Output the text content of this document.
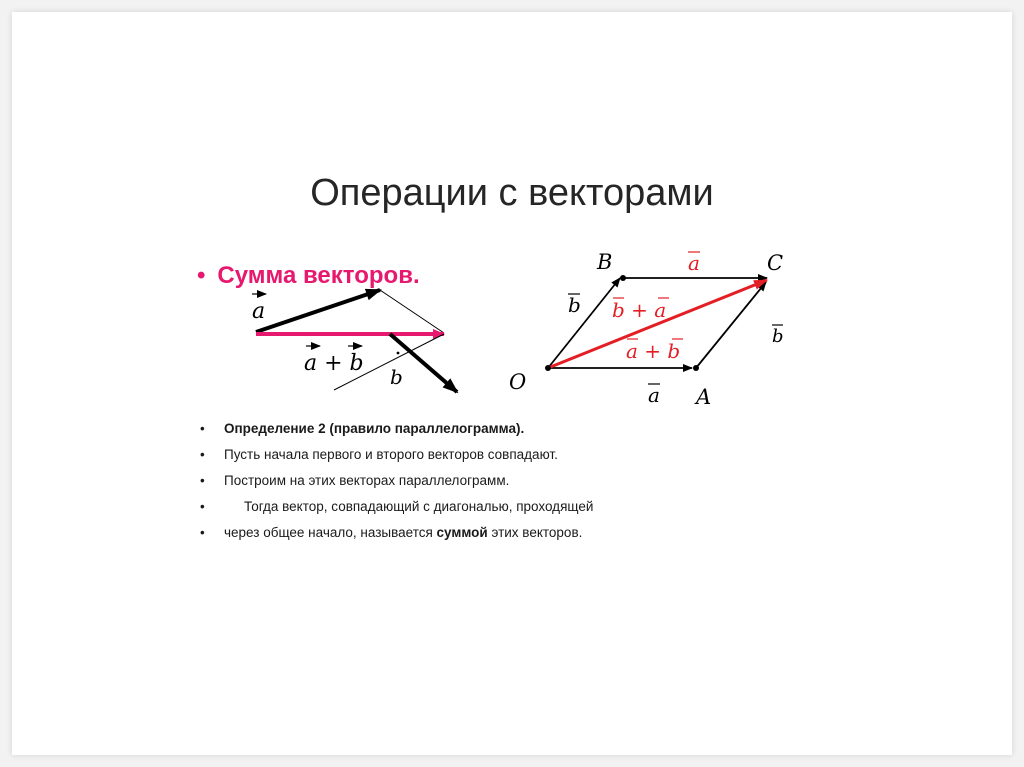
Операции с векторами
• Сумма векторов.
• Определение 2 (правило параллелограмма).
• Пусть начала первого и второго векторов совпадают.
• Построим на этих векторах параллелограмм.
•	Тогда вектор, совпадающий с диагональю, проходящей
• через общее начало, называется суммой этих векторов.
a
a + b
b
B	C
O
A
a
a
b
b
b + a
a + b
